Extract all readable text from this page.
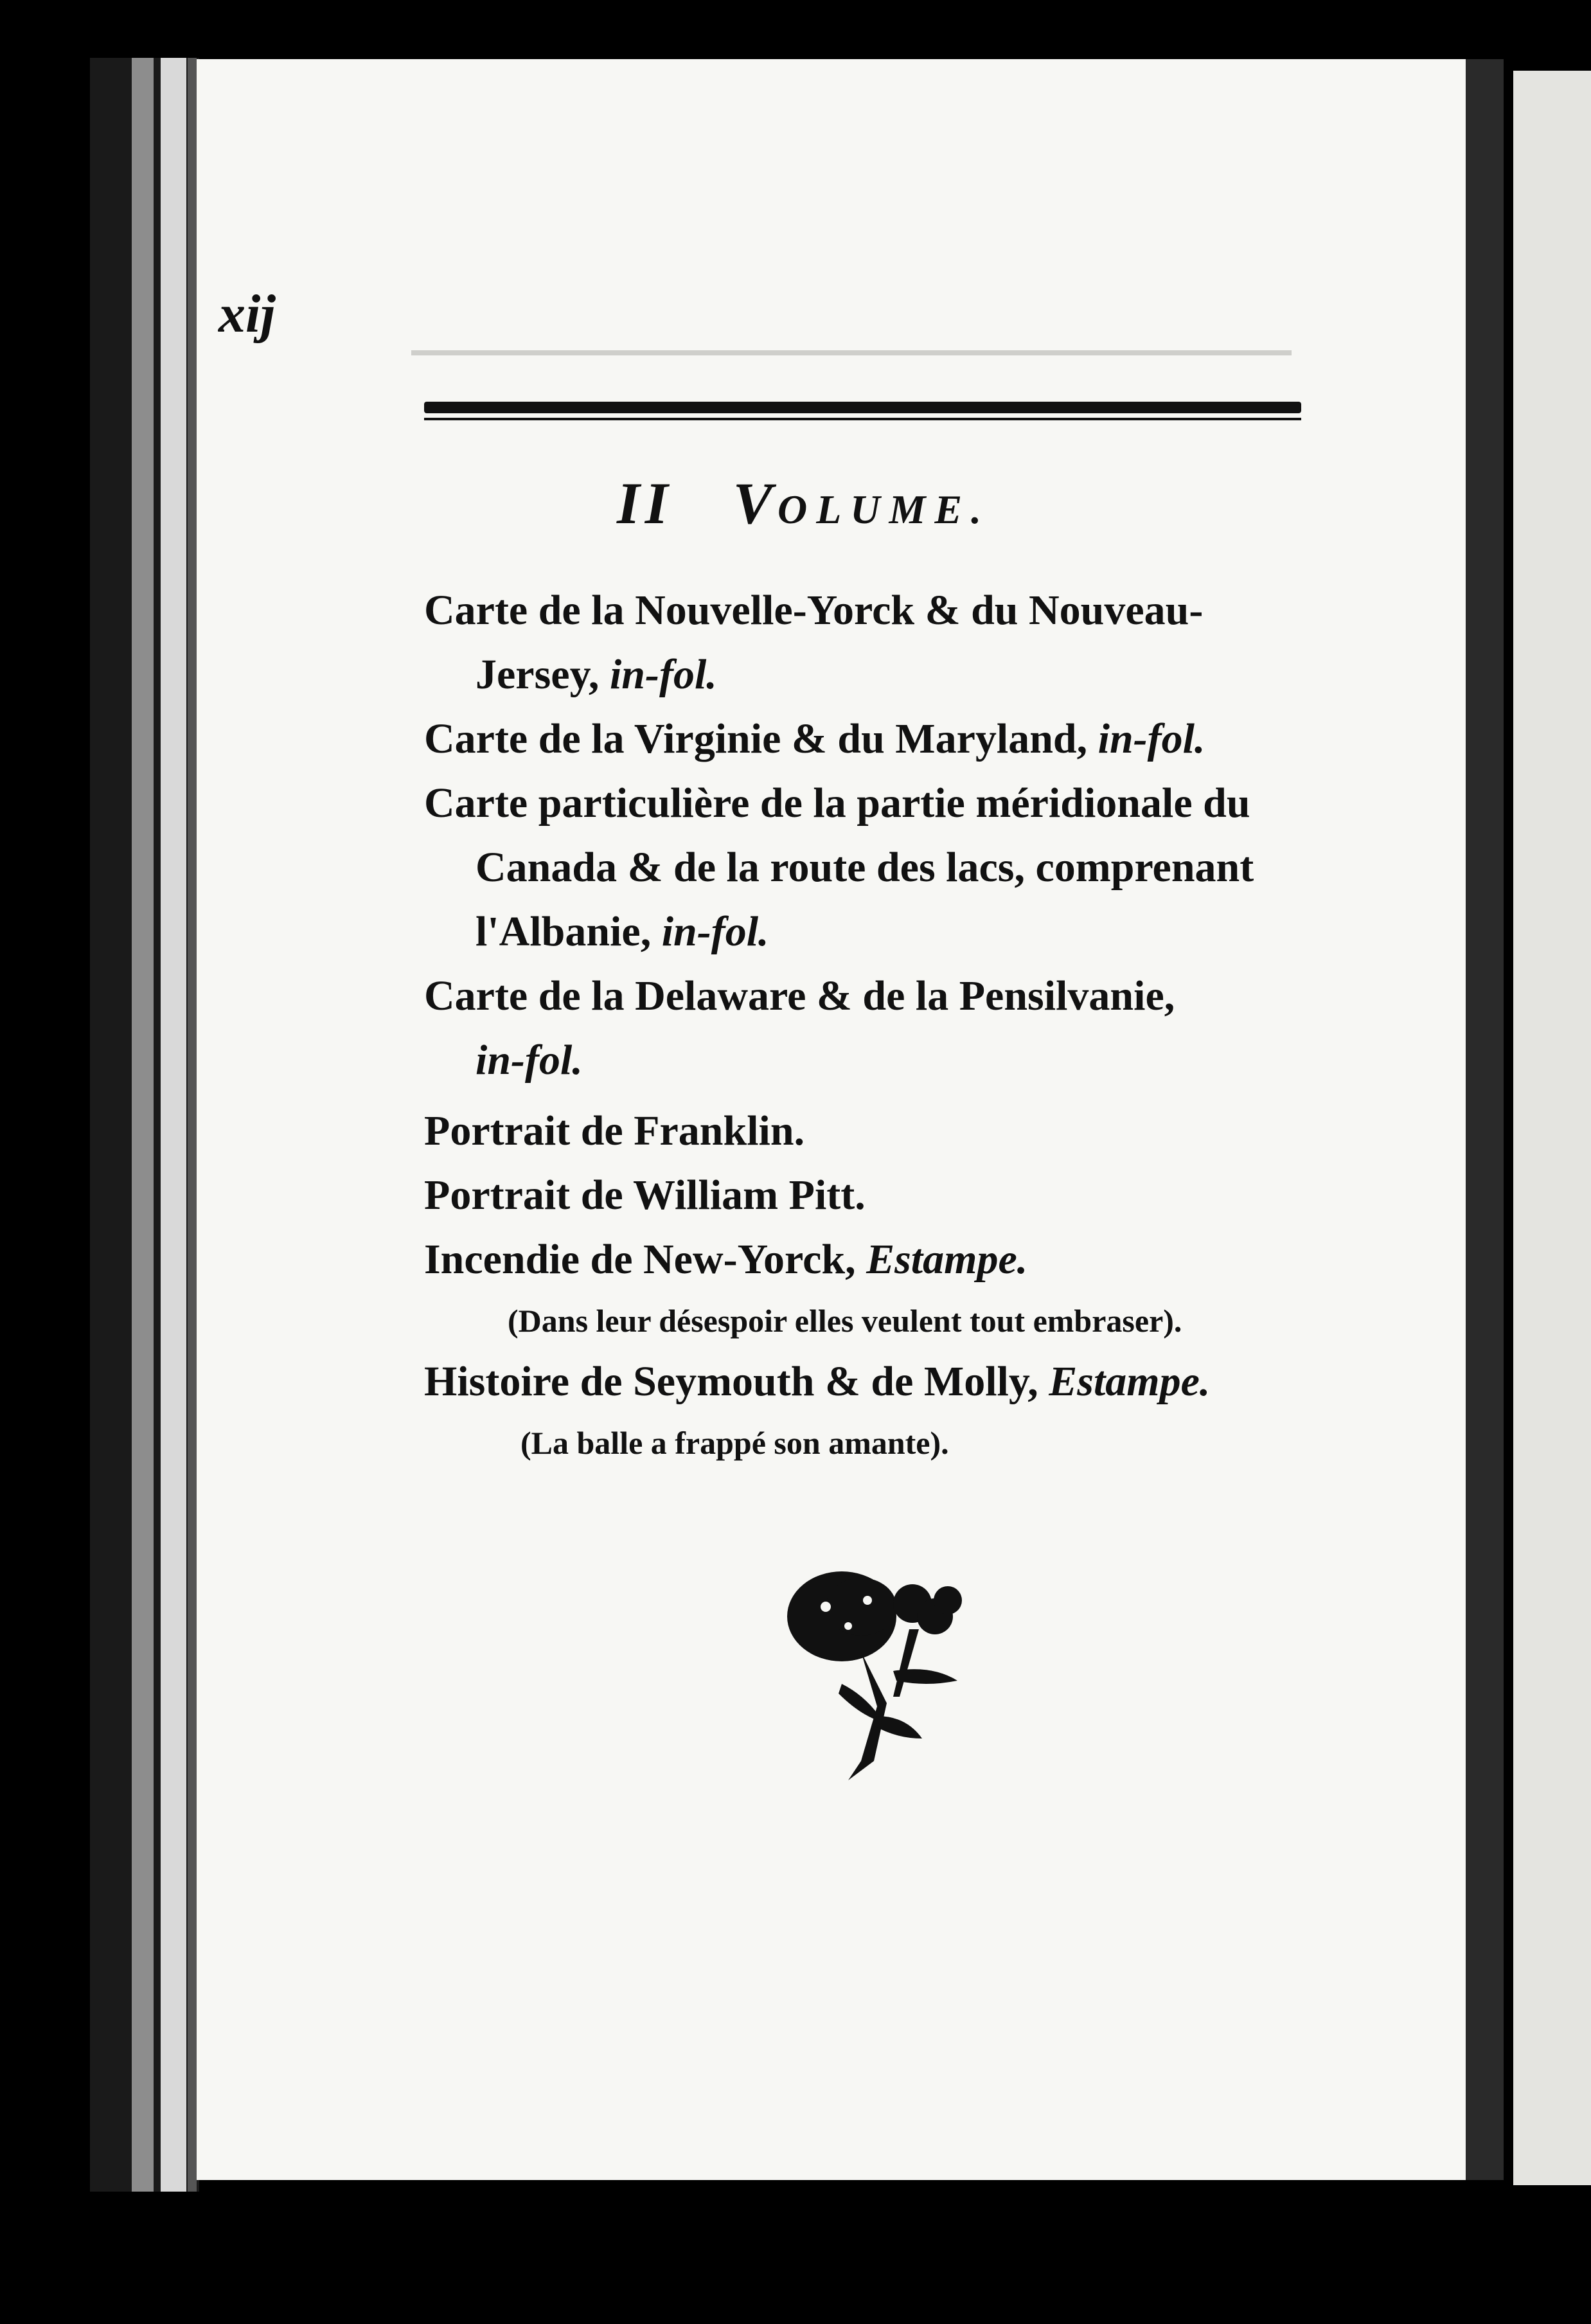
xij
II VOLUME.
Carte de la Nouvelle-Yorck & du Nouveau-
Jersey, in-fol.
Carte de la Virginie & du Maryland, in-fol.
Carte particulière de la partie méridionale du
Canada & de la route des lacs, comprenant
l'Albanie, in-fol.
Carte de la Delaware & de la Pensilvanie,
in-fol.
Portrait de Franklin.
Portrait de William Pitt.
Incendie de New-Yorck, Estampe.
(Dans leur désespoir elles veulent tout embraser).
Histoire de Seymouth & de Molly, Estampe.
(La balle a frappé son amante).
